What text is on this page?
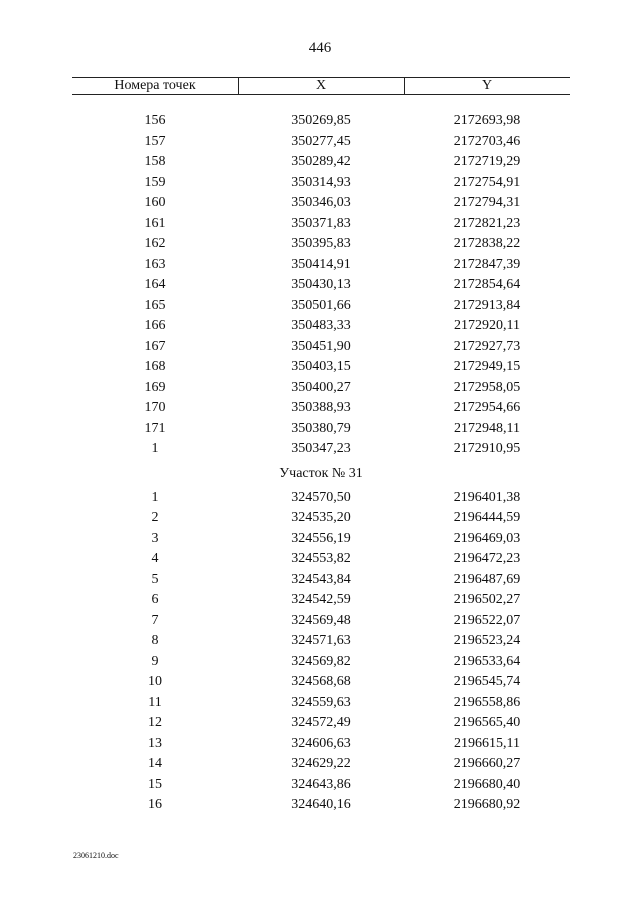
446
Номера точек	X	Y
156	350269,85	2172693,98
157	350277,45	2172703,46
158	350289,42	2172719,29
159	350314,93	2172754,91
160	350346,03	2172794,31
161	350371,83	2172821,23
162	350395,83	2172838,22
163	350414,91	2172847,39
164	350430,13	2172854,64
165	350501,66	2172913,84
166	350483,33	2172920,11
167	350451,90	2172927,73
168	350403,15	2172949,15
169	350400,27	2172958,05
170	350388,93	2172954,66
171	350380,79	2172948,11
1	350347,23	2172910,95
Участок № 31
1	324570,50	2196401,38
2	324535,20	2196444,59
3	324556,19	2196469,03
4	324553,82	2196472,23
5	324543,84	2196487,69
6	324542,59	2196502,27
7	324569,48	2196522,07
8	324571,63	2196523,24
9	324569,82	2196533,64
10	324568,68	2196545,74
11	324559,63	2196558,86
12	324572,49	2196565,40
13	324606,63	2196615,11
14	324629,22	2196660,27
15	324643,86	2196680,40
16	324640,16	2196680,92
23061210.doc
